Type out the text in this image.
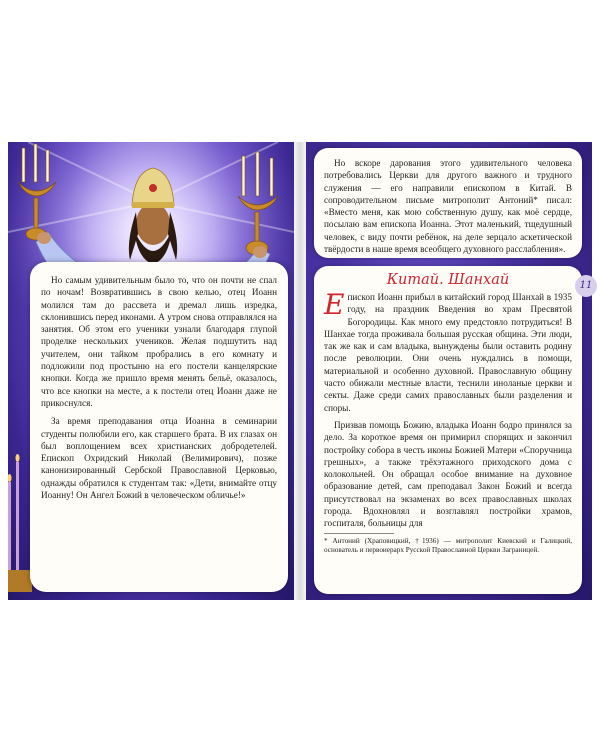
Но самым удивительным было то, что он почти не спал по ночам! Возвратившись в свою келью, отец Иоанн молился там до рассвета и дремал лишь изредка, склонившись перед иконами. А утром снова отправлялся на занятия. Об этом его ученики узнали благодаря глупой проделке нескольких учеников. Желая подшутить над учителем, они тайком пробрались в его комнату и подложили под простыню на его постели канцелярские кнопки. Когда же пришло время менять бельё, оказалось, что все кнопки на месте, а к постели отец Иоанн даже не прикоснулся.

За время преподавания отца Иоанна в семинарии студенты полюбили его, как старшего брата. В их глазах он был воплощением всех христианских добродетелей. Епископ Охридский Николай (Велимирович), позже канонизированный Сербской Православной Церковью, однажды обратился к студентам так: «Дети, внимайте отцу Иоанну! Он Ангел Божий в человеческом обличье!»

Но вскоре дарования этого удивительного человека потребовались Церкви для другого важного и трудного служения — его направили епископом в Китай. В сопроводительном письме митрополит Антоний* писал: «Вместо меня, как мою собственную душу, как моё сердце, посылаю вам епископа Иоанна. Этот маленький, тщедушный человек, с виду почти ребёнок, на деле зерцало аскетической твёрдости в наше время всеобщего духовного расслабления».

Китай. Шанхай

Епископ Иоанн прибыл в китайский город Шанхай в 1935 году, на праздник Введения во храм Пресвятой Богородицы. Как много ему предстояло потрудиться! В Шанхае тогда проживала большая русская община. Эти люди, так же как и сам владыка, вынуждены были оставить родину после революции. Они очень нуждались в помощи, материальной и особенно духовной. Православную общину часто обижали местные власти, теснили иноланые церкви и секты. Даже среди самих православных были разделения и споры.

Призвав помощь Божию, владыка Иоанн бодро принялся за дело. За короткое время он примирил спорящих и закончил постройку собора в честь иконы Божией Матери «Споручница грешных», а также трёхэтажного приходского дома с колокольней. Он обращал особое внимание на духовное образование детей, сам преподавал Закон Божий и всегда присутствовал на экзаменах во всех православных школах города. Вдохновлял и возглавлял постройки храмов, госпиталя, больницы для

* Антоний (Храповицкий, †1936) — митрополит Киевский и Галицкий, основатель и первоиерарх Русской Православной Церкви Заграницей.

11
